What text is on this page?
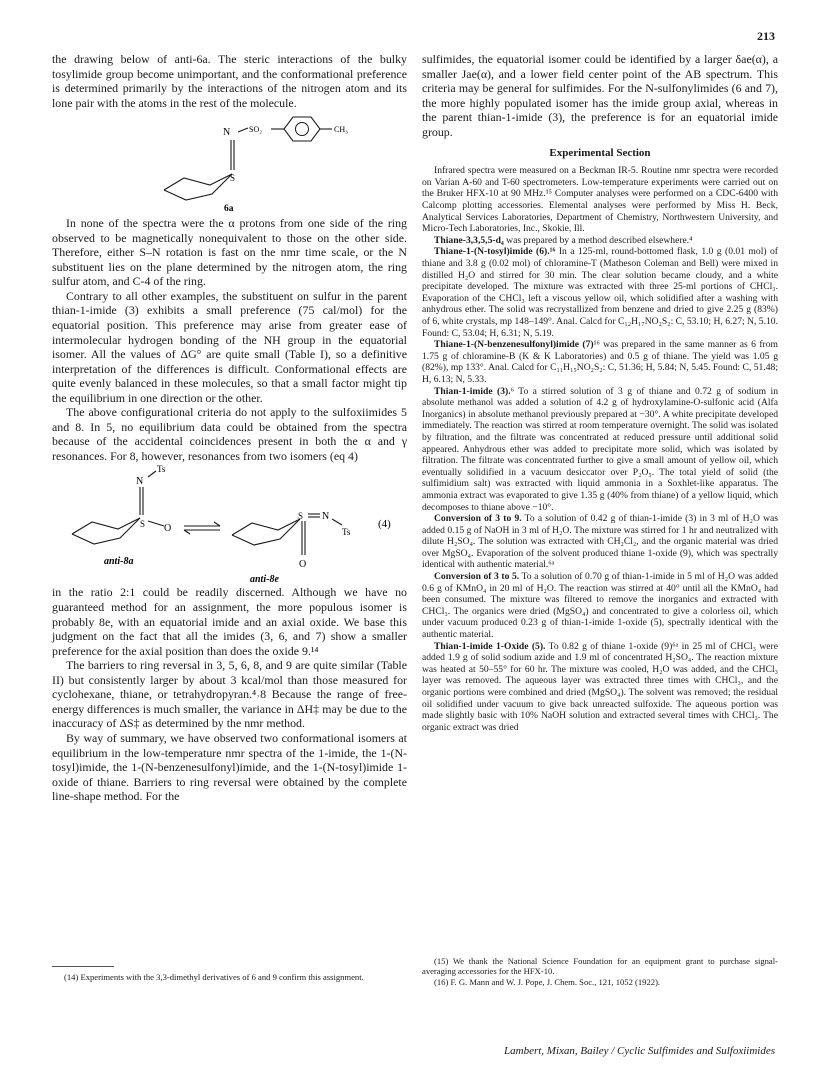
213

the drawing below of anti-6a. The steric interactions of the bulky tosylimide group become unimportant, and the conformational preference is determined primarily by the interactions of the nitrogen atom and its lone pair with the atoms in the rest of the molecule.

N SO₂	CH₃
S
6a

In none of the spectra were the α protons from one side of the ring observed to be magnetically nonequivalent to those on the other side. Therefore, either S–N rotation is fast on the nmr time scale, or the N substituent lies on the plane determined by the nitrogen atom, the ring sulfur atom, and C-4 of the ring.

Contrary to all other examples, the substituent on sulfur in the parent thian-1-imide (3) exhibits a small preference (75 cal/mol) for the equatorial position. This preference may arise from greater ease of intermolecular hydrogen bonding of the NH group in the equatorial isomer. All the values of ΔG° are quite small (Table I), so a definitive interpretation of the differences is difficult. Conformational effects are quite evenly balanced in these molecules, so that a small factor might tip the equilibrium in one direction or the other.

The above configurational criteria do not apply to the sulfoxiimides 5 and 8. In 5, no equilibrium data could be obtained from the spectra because of the accidental coincidences present in both the α and γ resonances. For 8, however, resonances from two isomers (eq 4)

Ts
N
S O
S N
Ts
O
(4)
anti-8a
anti-8e

in the ratio 2:1 could be readily discerned. Although we have no guaranteed method for an assignment, the more populous isomer is probably 8e, with an equatorial imide and an axial oxide. We base this judgment on the fact that all the imides (3, 6, and 7) show a smaller preference for the axial position than does the oxide 9.¹⁴

The barriers to ring reversal in 3, 5, 6, 8, and 9 are quite similar (Table II) but consistently larger by about 3 kcal/mol than those measured for cyclohexane, thiane, or tetrahydropyran.⁴˒8 Because the range of free-energy differences is much smaller, the variance in ΔH‡ may be due to the inaccuracy of ΔS‡ as determined by the nmr method.

By way of summary, we have observed two conformational isomers at equilibrium in the low-temperature nmr spectra of the 1-imide, the 1-(N-tosyl)imide, the 1-(N-benzenesulfonyl)imide, and the 1-(N-tosyl)imide 1-oxide of thiane. Barriers to ring reversal were obtained by the complete line-shape method. For the

(14) Experiments with the 3,3-dimethyl derivatives of 6 and 9 confirm this assignment.

sulfimides, the equatorial isomer could be identified by a larger δae(α), a smaller Jae(α), and a lower field center point of the AB spectrum. This criteria may be general for sulfimides. For the N-sulfonylimides (6 and 7), the more highly populated isomer has the imide group axial, whereas in the parent thian-1-imide (3), the preference is for an equatorial imide group.

Experimental Section

Infrared spectra were measured on a Beckman IR-5. Routine nmr spectra were recorded on Varian A-60 and T-60 spectrometers. Low-temperature experiments were carried out on the Bruker HFX-10 at 90 MHz.¹⁵ Computer analyses were performed on a CDC-6400 with Calcomp plotting accessories. Elemental analyses were performed by Miss H. Beck, Analytical Services Laboratories, Department of Chemistry, Northwestern University, and Micro-Tech Laboratories, Inc., Skokie, Ill.

Thiane-3,3,5,5-d₄ was prepared by a method described elsewhere.⁴

Thiane-1-(N-tosyl)imide (6).¹⁶ In a 125-ml, round-bottomed flask, 1.0 g (0.01 mol) of thiane and 3.8 g (0.02 mol) of chloramine-T (Matheson Coleman and Bell) were mixed in distilled H₂O and stirred for 30 min. The clear solution became cloudy, and a white precipitate developed. The mixture was extracted with three 25-ml portions of CHCl₃. Evaporation of the CHCl₃ left a viscous yellow oil, which solidified after a washing with anhydrous ether. The solid was recrystallized from benzene and dried to give 2.25 g (83%) of 6, white crystals, mp 148–149°. Anal. Calcd for C₁₂H₁₇NO₂S₂: C, 53.10; H, 6.27; N, 5.10. Found: C, 53.04; H, 6.31; N, 5.19.

Thiane-1-(N-benzenesulfonyl)imide (7)¹⁶ was prepared in the same manner as 6 from 1.75 g of chloramine-B (K & K Laboratories) and 0.5 g of thiane. The yield was 1.05 g (82%), mp 133°. Anal. Calcd for C₁₁H₁₅NO₂S₂: C, 51.36; H, 5.84; N, 5.45. Found: C, 51.48; H, 6.13; N, 5.33.

Thian-1-imide (3).⁶ To a stirred solution of 3 g of thiane and 0.72 g of sodium in absolute methanol was added a solution of 4.2 g of hydroxylamine-O-sulfonic acid (Alfa Inorganics) in absolute methanol previously prepared at −30°. A white precipitate developed immediately. The reaction was stirred at room temperature overnight. The solid was isolated by filtration, and the filtrate was concentrated at reduced pressure until additional solid appeared. Anhydrous ether was added to precipitate more solid, which was isolated by filtration. The filtrate was concentrated further to give a small amount of yellow oil, which eventually solidified in a vacuum desiccator over P₂O₅. The total yield of solid (the sulfimidium salt) was extracted with liquid ammonia in a Soxhlet-like apparatus. The ammonia extract was evaporated to give 1.35 g (40% from thiane) of a yellow liquid, which decomposes to thiane above −10°.

Conversion of 3 to 9. To a solution of 0.42 g of thian-1-imide (3) in 3 ml of H₂O was added 0.15 g of NaOH in 3 ml of H₂O. The mixture was stirred for 1 hr and neutralized with dilute H₂SO₄. The solution was extracted with CH₂Cl₂, and the organic material was dried over MgSO₄. Evaporation of the solvent produced thiane 1-oxide (9), which was spectrally identical with authentic material.⁶ᵃ

Conversion of 3 to 5. To a solution of 0.70 g of thian-1-imide in 5 ml of H₂O was added 0.6 g of KMnO₄ in 20 ml of H₂O. The reaction was stirred at 40° until all the KMnO₄ had been consumed. The mixture was filtered to remove the inorganics and extracted with CHCl₃. The organics were dried (MgSO₄) and concentrated to give a colorless oil, which under vacuum produced 0.23 g of thian-1-imide 1-oxide (5), spectrally identical with the authentic material.

Thian-1-imide 1-Oxide (5). To 0.82 g of thiane 1-oxide (9)⁶ᵃ in 25 ml of CHCl₃ were added 1.9 g of solid sodium azide and 1.9 ml of concentrated H₂SO₄. The reaction mixture was heated at 50–55° for 60 hr. The mixture was cooled, H₂O was added, and the CHCl₃ layer was removed. The aqueous layer was extracted three times with CHCl₃, and the organic portions were combined and dried (MgSO₄). The solvent was removed; the residual oil solidified under vacuum to give back unreacted sulfoxide. The aqueous portion was made slightly basic with 10% NaOH solution and extracted several times with CHCl₃. The organic extract was dried

(15) We thank the National Science Foundation for an equipment grant to purchase signal-averaging accessories for the HFX-10.

(16) F. G. Mann and W. J. Pope, J. Chem. Soc., 121, 1052 (1922).

Lambert, Mixan, Bailey / Cyclic Sulfimides and Sulfoxiimides
